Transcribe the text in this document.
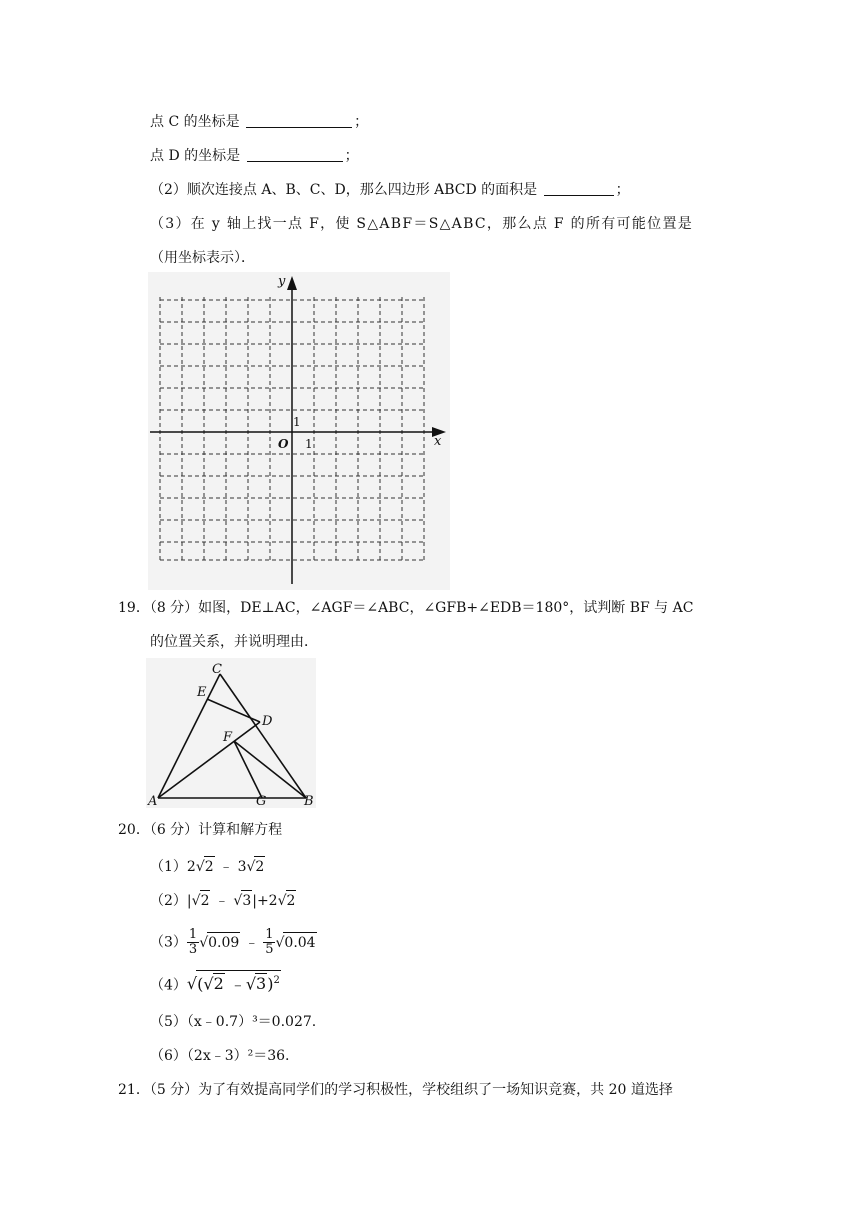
点 C 的坐标是	；
点 D 的坐标是	；
（2）顺次连接点 A、B、C、D，那么四边形 ABCD 的面积是	；
（3）在 y 轴上找一点 F，使 S△ABF＝S△ABC，那么点 F 的所有可能位置是
（用坐标表示）．
y
x
O 1
1
19．（8 分）如图，DE⊥AC，∠AGF＝∠ABC，∠GFB+∠EDB＝180°，试判断 BF 与 AC
的位置关系，并说明理由．
C
E
D
F
A	G	B
20．（6 分）计算和解方程
（1）2√2 ﹣ 3√2
（2）|√2 ﹣ √3|+2√2
$(3) \frac{1}{3} √0.09$ ﹣ $\frac{1}{5} √0.04$
（4）√(√2 ﹣√3)$^2$
（5）（x﹣0.7）³＝0.027.
（6）（2x﹣3）²＝36.
21．（5 分）为了有效提高同学们的学习积极性，学校组织了一场知识竞赛，共 20 道选择
